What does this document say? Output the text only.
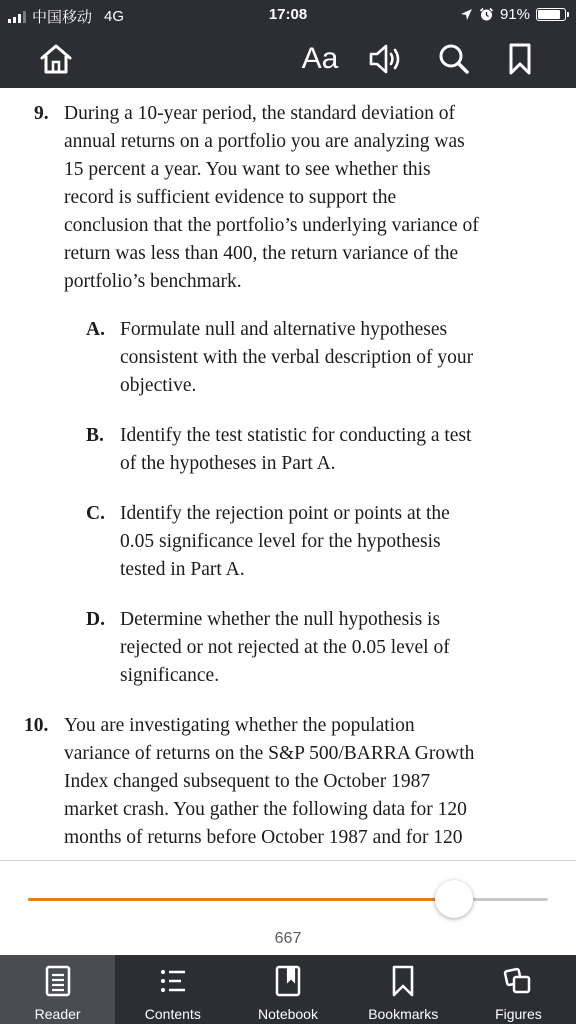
中国移动 4G	17:08	91%
Aa
9. During a 10-year period, the standard deviation of
annual returns on a portfolio you are analyzing was
15 percent a year. You want to see whether this
record is sufficient evidence to support the
conclusion that the portfolio’s underlying variance of
return was less than 400, the return variance of the
portfolio’s benchmark.
A. Formulate null and alternative hypotheses
consistent with the verbal description of your
objective.
B. Identify the test statistic for conducting a test
of the hypotheses in Part A.
C. Identify the rejection point or points at the
0.05 significance level for the hypothesis
tested in Part A.
D. Determine whether the null hypothesis is
rejected or not rejected at the 0.05 level of
significance.
10. You are investigating whether the population
variance of returns on the S&P 500/BARRA Growth
Index changed subsequent to the October 1987
market crash. You gather the following data for 120
months of returns before October 1987 and for 120
667
Reader	Contents	Notebook	Bookmarks	Figures
